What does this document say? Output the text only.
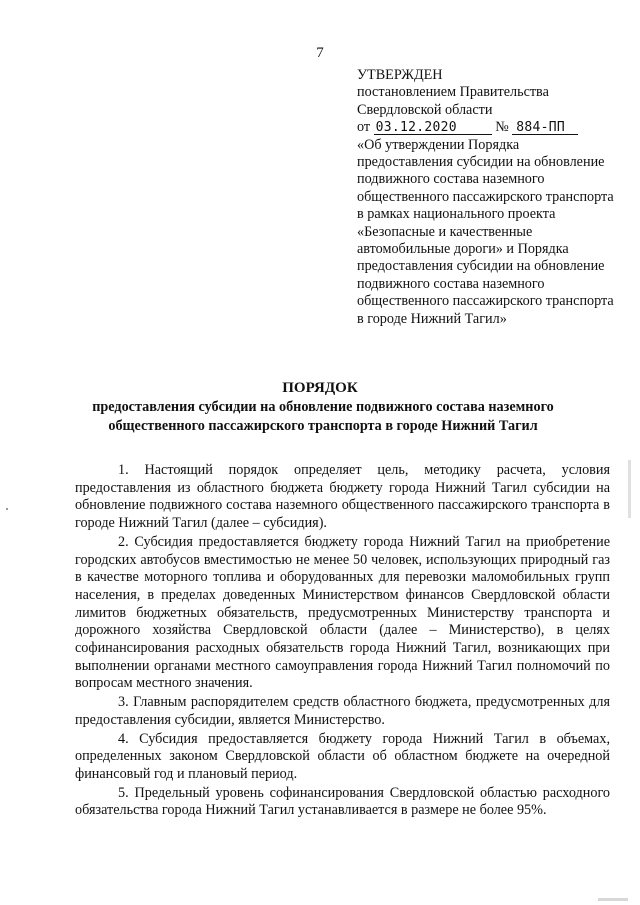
7
УТВЕРЖДЕН
постановлением Правительства
Свердловской области
от 03.12.2020	№ 884-ПП
«Об утверждении Порядка предоставления субсидии на обновление подвижного состава наземного общественного пассажирского транспорта в рамках национального проекта «Безопасные и качественные автомобильные дороги» и Порядка предоставления субсидии на обновление подвижного состава наземного общественного пассажирского транспорта в городе Нижний Тагил»
ПОРЯДОК
предоставления субсидии на обновление подвижного состава наземного общественного пассажирского транспорта в городе Нижний Тагил

1. Настоящий порядок определяет цель, методику расчета, условия предоставления из областного бюджета бюджету города Нижний Тагил субсидии на обновление подвижного состава наземного общественного пассажирского транспорта в городе Нижний Тагил (далее – субсидия).

2. Субсидия предоставляется бюджету города Нижний Тагил на приобретение городских автобусов вместимостью не менее 50 человек, использующих природный газ в качестве моторного топлива и оборудованных для перевозки маломобильных групп населения, в пределах доведенных Министерством финансов Свердловской области лимитов бюджетных обязательств, предусмотренных Министерству транспорта и дорожного хозяйства Свердловской области (далее – Министерство), в целях софинансирования расходных обязательств города Нижний Тагил, возникающих при выполнении органами местного самоуправления города Нижний Тагил полномочий по вопросам местного значения.

3. Главным распорядителем средств областного бюджета, предусмотренных для предоставления субсидии, является Министерство.

4. Субсидия предоставляется бюджету города Нижний Тагил в объемах, определенных законом Свердловской области об областном бюджете на очередной финансовый год и плановый период.

5. Предельный уровень софинансирования Свердловской областью расходного обязательства города Нижний Тагил устанавливается в размере не более 95%.
